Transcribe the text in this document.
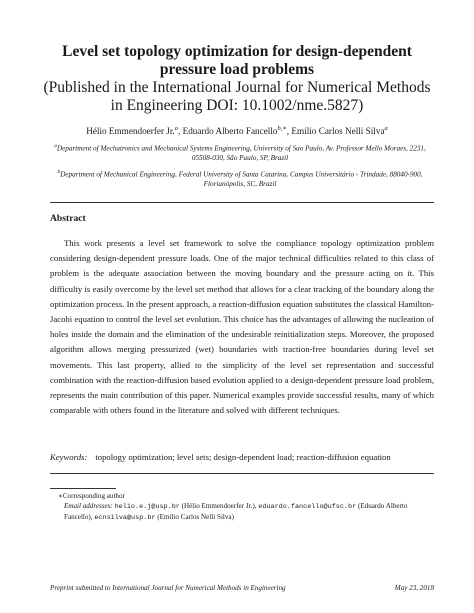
Level set topology optimization for design-dependent pressure load problems
(Published in the International Journal for Numerical Methods in Engineering DOI: 10.1002/nme.5827)
Hélio Emmendoerfer Jr.$^a$, Eduardo Alberto Fancello$^{b,∗}$, Emílio Carlos Nelli Silva$^a$
$^a$Department of Mechatronics and Mechanical Systems Engineering, University of Sao Paulo, Av. Professor Mello Moraes, 2231, 05508-030, São Paulo, SP, Brazil
$^b$Department of Mechanical Engineering, Federal University of Santa Catarina, Campus Universitário - Trindade, 88040-900, Florianópolis, SC, Brazil
Abstract
This work presents a level set framework to solve the compliance topology optimization problem considering design-dependent pressure loads. One of the major technical difficulties related to this class of problem is the adequate association between the moving boundary and the pressure acting on it. This difficulty is easily overcome by the level set method that allows for a clear tracking of the boundary along the optimization process. In the present approach, a reaction-diffusion equation substitutes the classical Hamilton-Jacobi equation to control the level set evolution. This choice has the advantages of allowing the nucleation of holes inside the domain and the elimination of the undesirable reinitialization steps. Moreover, the proposed algorithm allows merging pressurized (wet) boundaries with traction-free boundaries during level set movements. This last property, allied to the simplicity of the level set representation and successful combination with the reaction-diffusion based evolution applied to a design-dependent pressure load problem, represents the main contribution of this paper. Numerical examples provide successful results, many of which comparable with others found in the literature and solved with different techniques.
Keywords: topology optimization; level sets; design-dependent load; reaction-diffusion equation
∗Corresponding author
Email addresses: helio.e.j@usp.br (Hélio Emmendoerfer Jr.), eduardo.fancello@ufsc.br (Eduardo Alberto Fancello), ecnsilva@usp.br (Emílio Carlos Nelli Silva)
Preprint submitted to International Journal for Numerical Methods in Engineering	May 23, 2018
